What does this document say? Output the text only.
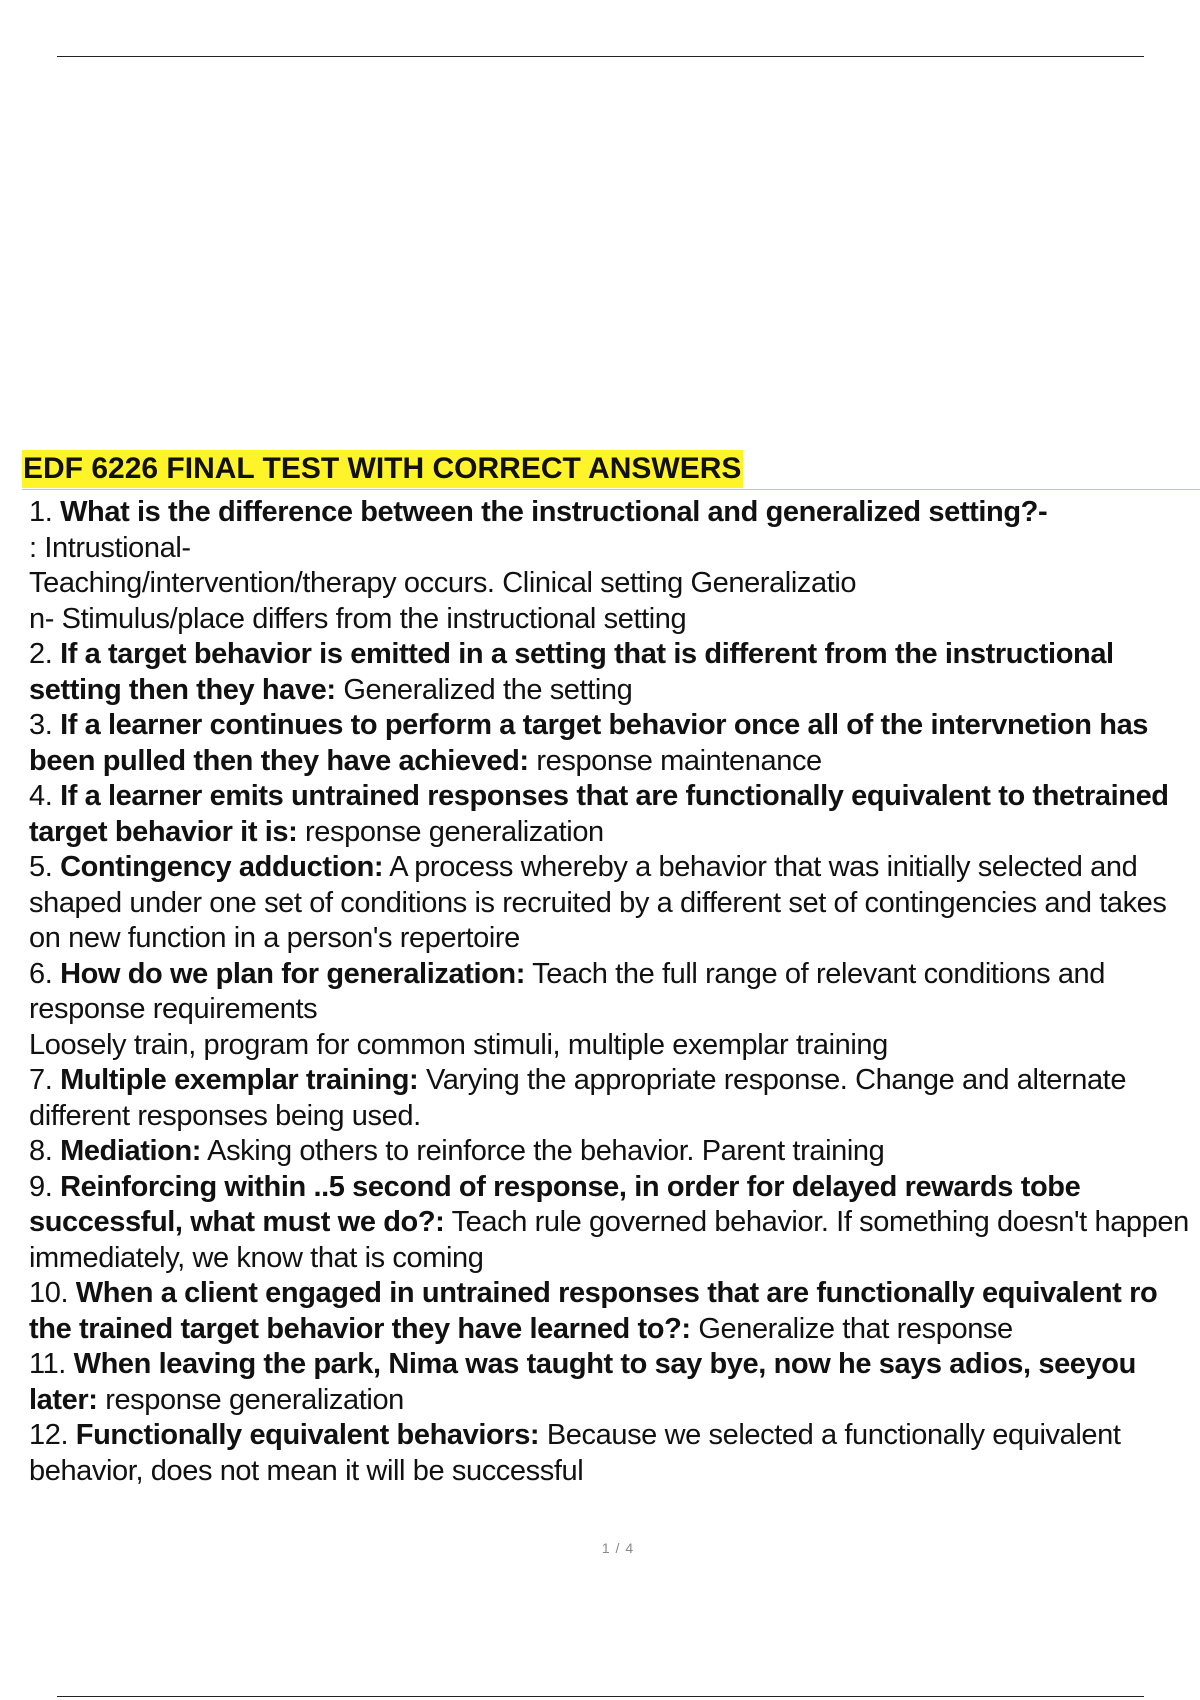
EDF 6226 FINAL TEST WITH CORRECT ANSWERS
1. What is the difference between the instructional and generalized setting?-
: Intrustional-
Teaching/intervention/therapy occurs. Clinical setting Generalizatio
n- Stimulus/place differs from the instructional setting
2. If a target behavior is emitted in a setting that is different from the instructional setting then they have: Generalized the setting
3. If a learner continues to perform a target behavior once all of the intervnetion has been pulled then they have achieved: response maintenance
4. If a learner emits untrained responses that are functionally equivalent to thetrained target behavior it is: response generalization
5. Contingency adduction: A process whereby a behavior that was initially selected and shaped under one set of conditions is recruited by a different set of contingencies and takes on new function in a person's repertoire
6. How do we plan for generalization: Teach the full range of relevant conditions and response requirements
Loosely train, program for common stimuli, multiple exemplar training
7. Multiple exemplar training: Varying the appropriate response. Change and alternate different responses being used.
8. Mediation: Asking others to reinforce the behavior. Parent training
9. Reinforcing within ..5 second of response, in order for delayed rewards tobe successful, what must we do?: Teach rule governed behavior. If something doesn't happen immediately, we know that is coming
10. When a client engaged in untrained responses that are functionally equivalent ro the trained target behavior they have learned to?: Generalize that response
11. When leaving the park, Nima was taught to say bye, now he says adios, seeyou later: response generalization
12. Functionally equivalent behaviors: Because we selected a functionally equivalent behavior, does not mean it will be successful
1 / 4
